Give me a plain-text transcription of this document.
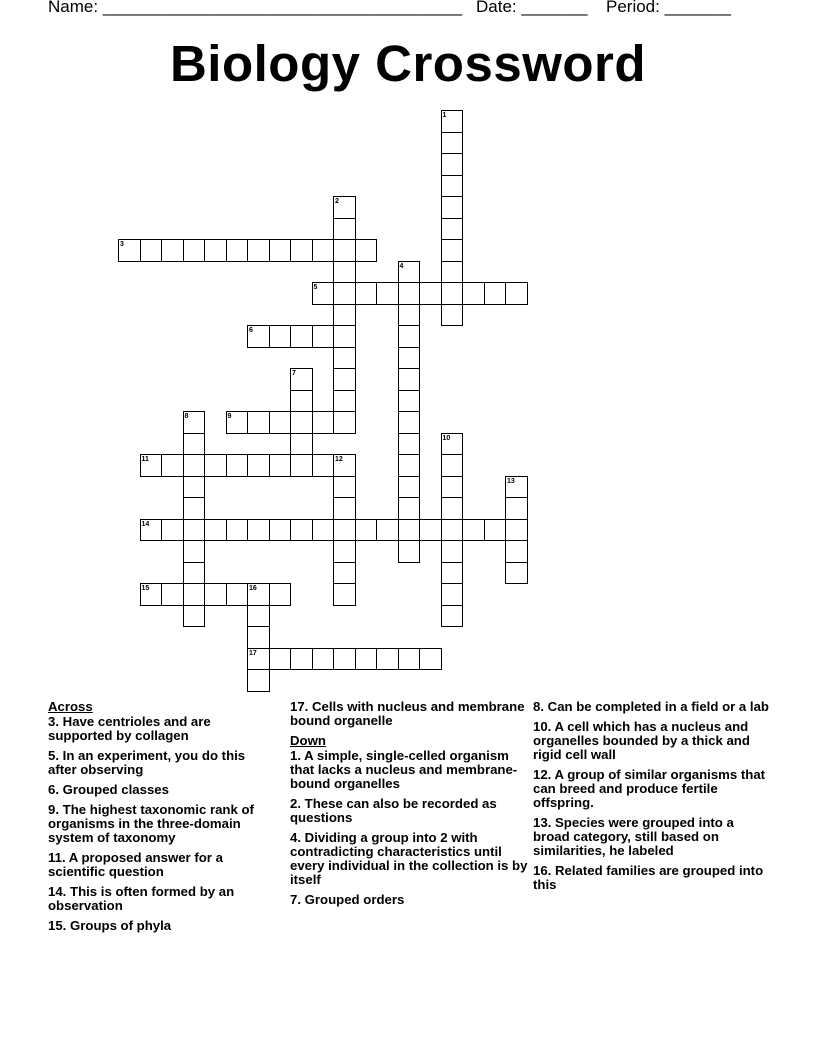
Name: ______________________________________ Date: _______ Period: _______
Biology Crossword
1
2
3
4
5
6
7
8	9
10
11	12
13
14
15	16
17
Across
3. Have centrioles and are supported by collagen
5. In an experiment, you do this after observing
6. Grouped classes
9. The highest taxonomic rank of organisms in the three-domain system of taxonomy
11. A proposed answer for a scientific question
14. This is often formed by an observation
15. Groups of phyla
17. Cells with nucleus and membrane bound organelle
Down
1. A simple, single-celled organism that lacks a nucleus and membrane-bound organelles
2. These can also be recorded as questions
4. Dividing a group into 2 with contradicting characteristics until every individual in the collection is by itself
7. Grouped orders
8. Can be completed in a field or a lab
10. A cell which has a nucleus and organelles bounded by a thick and rigid cell wall
12. A group of similar organisms that can breed and produce fertile offspring.
13. Species were grouped into a broad category, still based on similarities, he labeled
16. Related families are grouped into this
